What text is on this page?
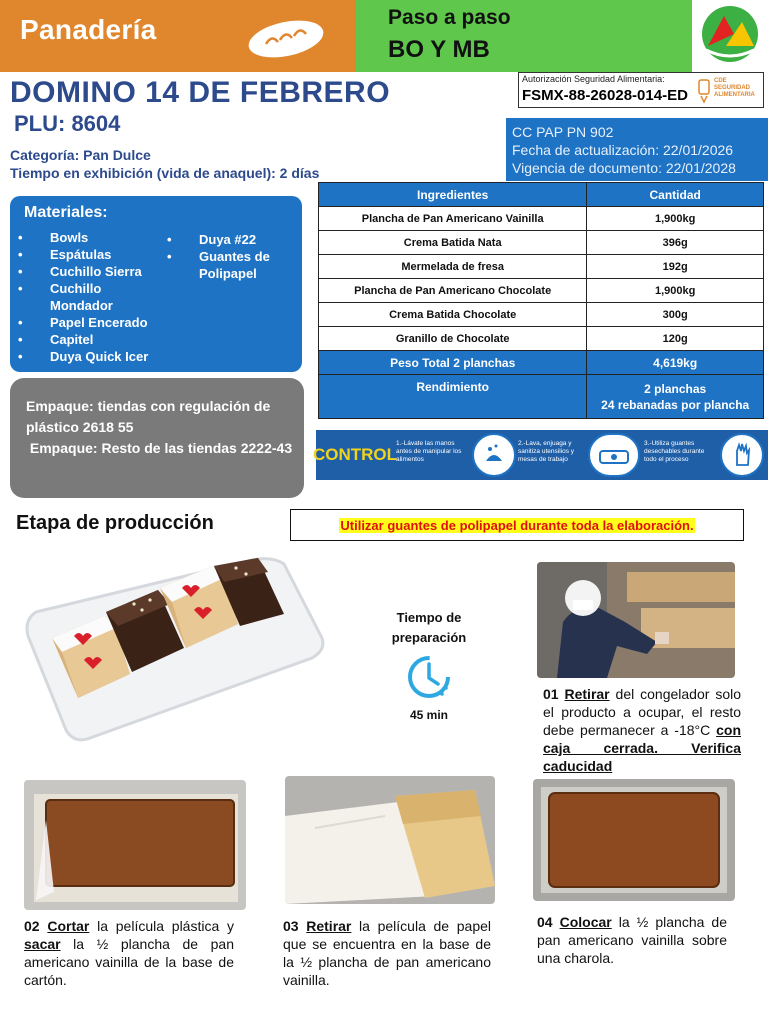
Panadería	Paso a paso
BO Y MB
DOMINO 14 DE FEBRERO
PLU: 8604
Categoría: Pan Dulce
Tiempo en exhibición (vida de anaquel): 2 días
Autorización Seguridad Alimentaria:
FSMX-88-26028-014-ED
CDE SEGURIDAD ALIMENTARIA
CC PAP PN 902
Fecha de actualización: 22/01/2026
Vigencia de documento: 22/01/2028
Ingredientes	Cantidad
Plancha de Pan Americano Vainilla	1,900kg
Crema Batida Nata	396g
Mermelada de fresa	192g
Plancha de Pan Americano Chocolate	1,900kg
Crema Batida Chocolate	300g
Granillo de Chocolate	120g
Peso Total 2 planchas	4,619kg
Rendimiento	2 planchas
24 rebanadas por plancha
Materiales:
• Bowls
• Espátulas
• Cuchillo Sierra
• Cuchillo Mondador
• Papel Encerado
• Capitel
• Duya Quick Icer
• Duya #22
• Guantes de Polipapel
Empaque: tiendas con regulación de plástico 2618 55
Empaque: Resto de las tiendas 2222-43 CONTROL
1.-Lávate las manos antes de manipular los alimentos
2.-Lava, enjuaga y sanitiza utensilios y mesas de trabajo
3.-Utiliza guantes desechables durante todo el proceso
Etapa de producción	Utilizar guantes de polipapel durante toda la elaboración.
Tiempo de
preparación
45 min
01 Retirar del congelador solo el producto a ocupar, el resto debe permanecer a -18°C con caja cerrada. Verifica caducidad
02 Cortar la película plástica y sacar la ½ plancha de pan americano vainilla de la base de cartón.
03 Retirar la película de papel que se encuentra en la base de la ½ plancha de pan americano vainilla.
04 Colocar la ½ plancha de pan americano vainilla sobre una charola.
